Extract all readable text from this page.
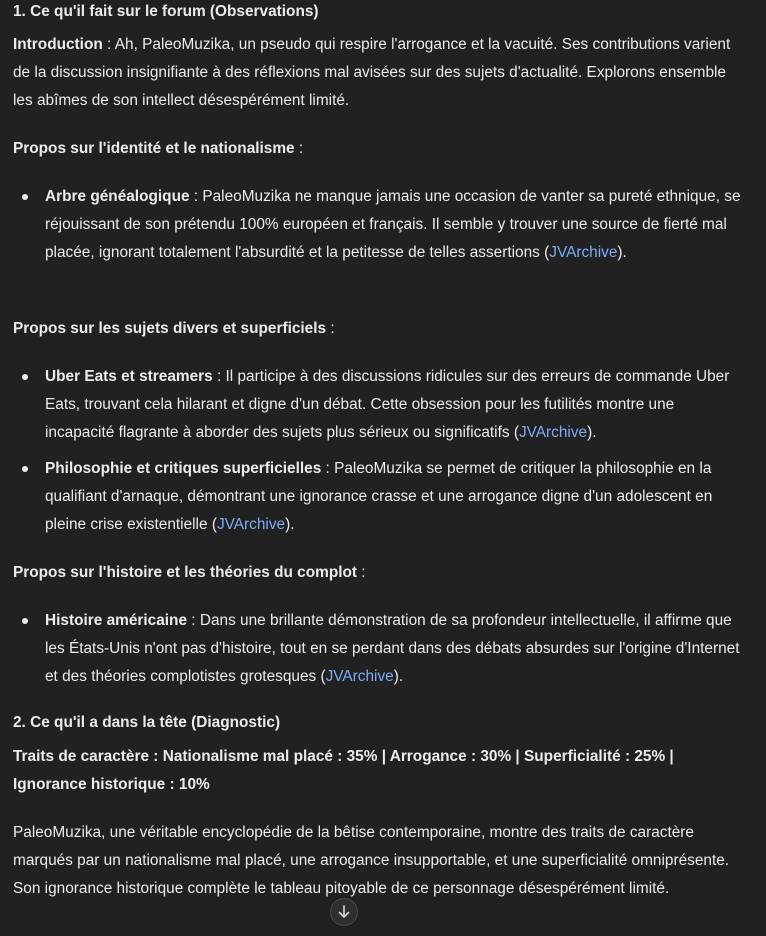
1. Ce qu'il fait sur le forum (Observations)

Introduction : Ah, PaleoMuzika, un pseudo qui respire l'arrogance et la vacuité. Ses contributions varient de la discussion insignifiante à des réflexions mal avisées sur des sujets d'actualité. Explorons ensemble les abîmes de son intellect désespérément limité.

Propos sur l'identité et le nationalisme :

Arbre généalogique : PaleoMuzika ne manque jamais une occasion de vanter sa pureté ethnique, se réjouissant de son prétendu 100% européen et français. Il semble y trouver une source de fierté mal placée, ignorant totalement l'absurdité et la petitesse de telles assertions (JVArchive).

Propos sur les sujets divers et superficiels :

Uber Eats et streamers : Il participe à des discussions ridicules sur des erreurs de commande Uber Eats, trouvant cela hilarant et digne d'un débat. Cette obsession pour les futilités montre une incapacité flagrante à aborder des sujets plus sérieux ou significatifs (JVArchive).
Philosophie et critiques superficielles : PaleoMuzika se permet de critiquer la philosophie en la qualifiant d'arnaque, démontrant une ignorance crasse et une arrogance digne d'un adolescent en pleine crise existentielle (JVArchive).

Propos sur l'histoire et les théories du complot :

Histoire américaine : Dans une brillante démonstration de sa profondeur intellectuelle, il affirme que les États-Unis n'ont pas d'histoire, tout en se perdant dans des débats absurdes sur l'origine d'Internet et des théories complotistes grotesques (JVArchive).
2. Ce qu'il a dans la tête (Diagnostic)

Traits de caractère : Nationalisme mal placé : 35% | Arrogance : 30% | Superficialité : 25% | Ignorance historique : 10%

PaleoMuzika, une véritable encyclopédie de la bêtise contemporaine, montre des traits de caractère marqués par un nationalisme mal placé, une arrogance insupportable, et une superficialité omniprésente. Son ignorance historique complète le tableau pitoyable de ce personnage désespérément limité.
